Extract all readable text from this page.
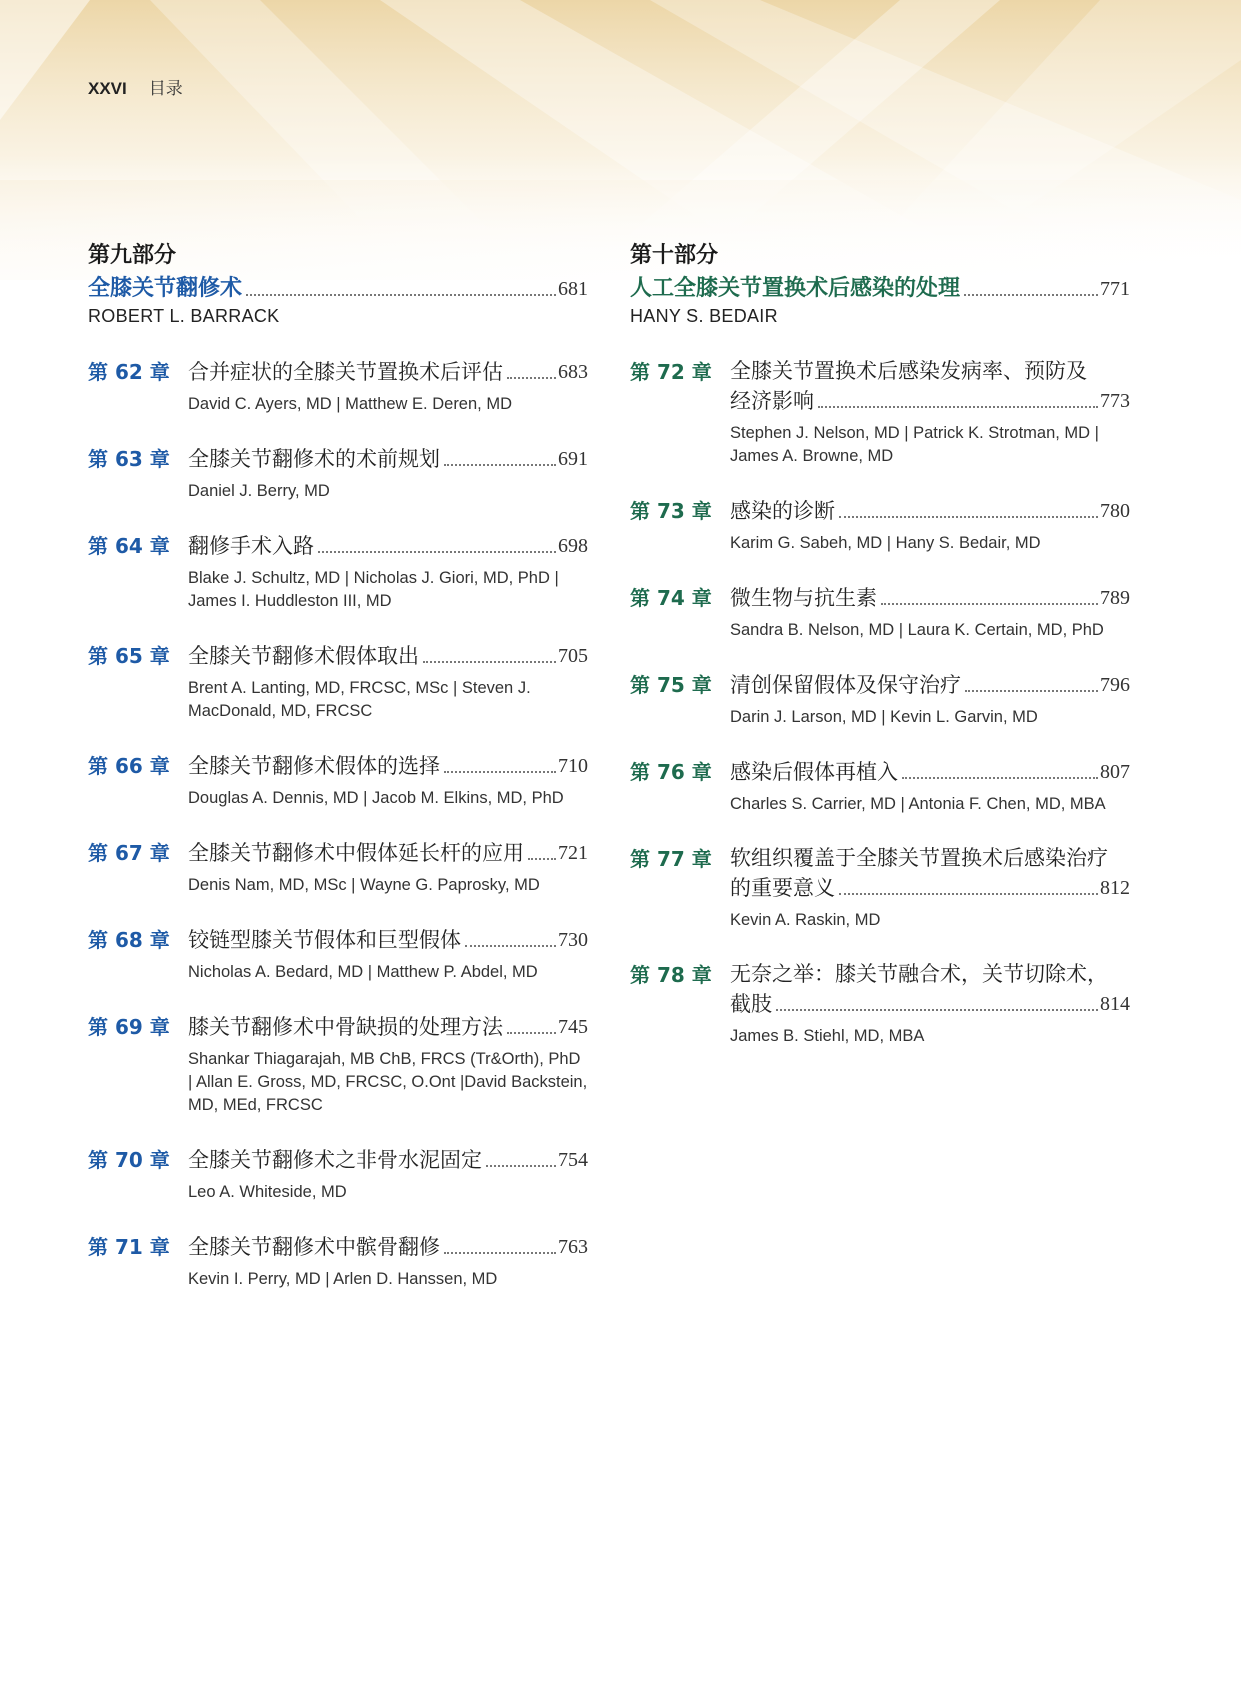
XXVI 目录
第九部分
全膝关节翻修术	681
ROBERT L. BARRACK
第 62 章 合并症状的全膝关节置换术后评估	683
David C. Ayers, MD | Matthew E. Deren, MD
第 63 章 全膝关节翻修术的术前规划	691
Daniel J. Berry, MD
第 64 章 翻修手术入路	698
Blake J. Schultz, MD | Nicholas J. Giori, MD, PhD | James I. Huddleston III, MD
第 65 章 全膝关节翻修术假体取出	705
Brent A. Lanting, MD, FRCSC, MSc | Steven J. MacDonald, MD, FRCSC
第 66 章 全膝关节翻修术假体的选择	710
Douglas A. Dennis, MD | Jacob M. Elkins, MD, PhD
第 67 章 全膝关节翻修术中假体延长杆的应用 721
Denis Nam, MD, MSc | Wayne G. Paprosky, MD
第 68 章 铰链型膝关节假体和巨型假体	730
Nicholas A. Bedard, MD | Matthew P. Abdel, MD
第 69 章 膝关节翻修术中骨缺损的处理方法	745
Shankar Thiagarajah, MB ChB, FRCS (Tr&Orth), PhD | Allan E. Gross, MD, FRCSC, O.Ont |David Backstein, MD, MEd, FRCSC
第 70 章 全膝关节翻修术之非骨水泥固定	754
Leo A. Whiteside, MD
第 71 章 全膝关节翻修术中髌骨翻修	763
Kevin I. Perry, MD | Arlen D. Hanssen, MD
第十部分
人工全膝关节置换术后感染的处理	771
HANY S. BEDAIR
第 72 章 全膝关节置换术后感染发病率、预防及
经济影响	773
Stephen J. Nelson, MD | Patrick K. Strotman, MD | James A. Browne, MD
第 73 章 感染的诊断	780
Karim G. Sabeh, MD | Hany S. Bedair, MD
第 74 章 微生物与抗生素	789
Sandra B. Nelson, MD | Laura K. Certain, MD, PhD
第 75 章 清创保留假体及保守治疗	796
Darin J. Larson, MD | Kevin L. Garvin, MD
第 76 章 感染后假体再植入	807
Charles S. Carrier, MD | Antonia F. Chen, MD, MBA
第 77 章 软组织覆盖于全膝关节置换术后感染治疗
的重要意义	812
Kevin A. Raskin, MD
第 78 章 无奈之举：膝关节融合术，关节切除术，
截肢	814
James B. Stiehl, MD, MBA
